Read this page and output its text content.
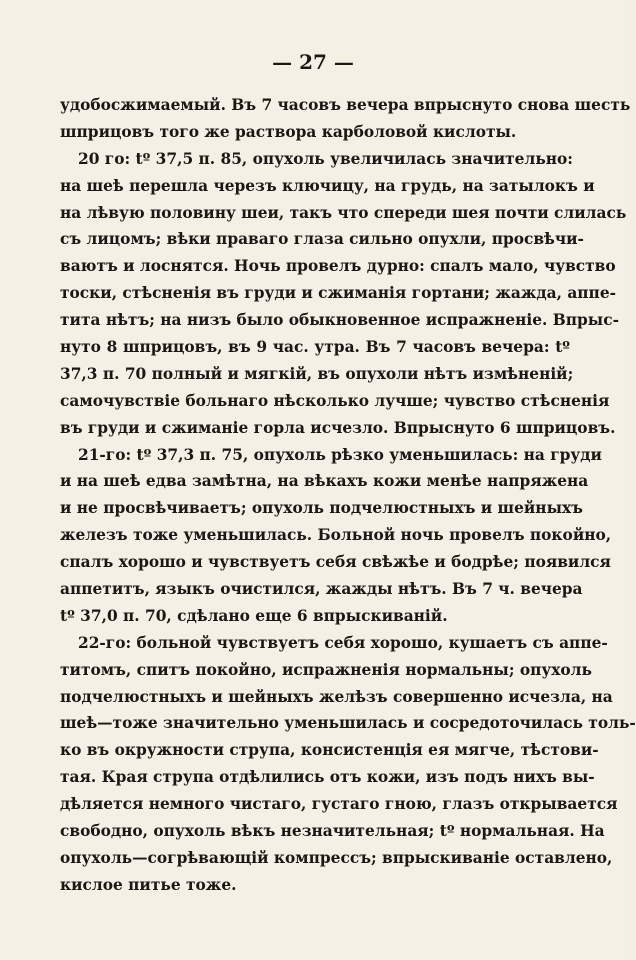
— 27 —
удобосжимаемый. Въ 7 часовъ вечера впрыснуто снова шесть
шприцовъ того же раствора карболовой кислоты.
20 го: tº 37,5 п. 85, опухоль увеличилась значительно:
на шеѣ перешла черезъ ключицу, на грудь, на затылокъ и
на лѣвую половину шеи, такъ что спереди шея почти слилась
съ лицомъ; вѣки праваго глаза сильно опухли, просвѣчи-
ваютъ и лоснятся. Ночь провелъ дурно: спалъ мало, чувство
тоски, стѣсненія въ груди и сжиманія гортани; жажда, аппе-
тита нѣтъ; на низъ было обыкновенное испражненіе. Впрыс-
нуто 8 шприцовъ, въ 9 час. утра. Въ 7 часовъ вечера: tº
37,3 п. 70 полный и мягкій, въ опухоли нѣтъ измѣненій;
самочувствіе больнаго нѣсколько лучше; чувство стѣсненія
въ груди и сжиманіе горла исчезло. Впрыснуто 6 шприцовъ.
21-го: tº 37,3 п. 75, опухоль рѣзко уменьшилась: на груди
и на шеѣ едва замѣтна, на вѣкахъ кожи менѣе напряжена
и не просвѣчиваетъ; опухоль подчелюстныхъ и шейныхъ
железъ тоже уменьшилась. Больной ночь провелъ покойно,
спалъ хорошо и чувствуетъ себя свѣжѣе и бодрѣе; появился
аппетитъ, языкъ очистился, жажды нѣтъ. Въ 7 ч. вечера
tº 37,0 п. 70, сдѣлано еще 6 впрыскиваній.
22-го: больной чувствуетъ себя хорошо, кушаетъ съ аппе-
титомъ, спитъ покойно, испражненія нормальны; опухоль
подчелюстныхъ и шейныхъ желѣзъ совершенно исчезла, на
шеѣ—тоже значительно уменьшилась и сосредоточилась толь-
ко въ окружности струпа, консистенція ея мягче, тѣстови-
тая. Края струпа отдѣлились отъ кожи, изъ подъ нихъ вы-
дѣляется немного чистаго, густаго гною, глазъ открывается
свободно, опухоль вѣкъ незначительная; tº нормальная. На
опухоль—согрѣвающій компрессъ; впрыскиваніе оставлено,
кислое питье тоже.
